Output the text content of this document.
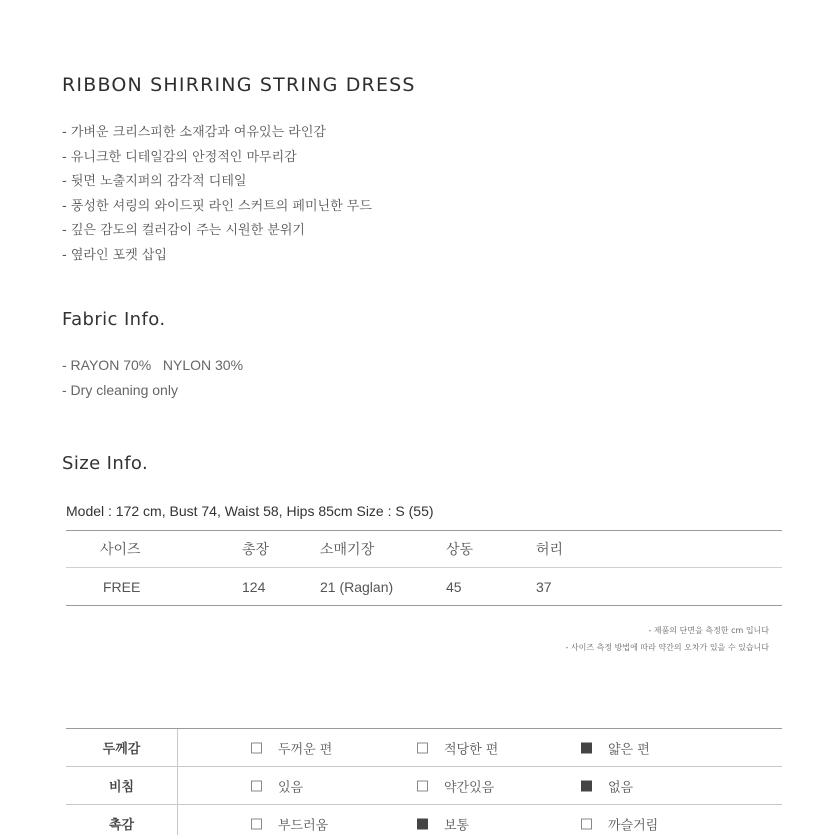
RIBBON SHIRRING STRING DRESS
- 가벼운 크리스피한 소재감과 여유있는 라인감
- 유니크한 디테일감의 안정적인 마무리감
- 뒷면 노출지퍼의 감각적 디테일
- 풍성한 셔링의 와이드핏 라인 스커트의 페미닌한 무드
- 깊은 감도의 컬러감이 주는 시원한 분위기
- 옆라인 포켓 삽입
Fabric Info.
- RAYON 70%   NYLON 30%
- Dry cleaning only
Size Info.
Model : 172 cm, Bust 74, Waist 58, Hips 85cm Size : S (55)
사이즈	총장	소매기장	상동	허리
FREE	124	21 (Raglan)	45	37
- 제품의 단면을 측정한 cm 입니다
- 사이즈 측정 방법에 따라 약간의 오차가 있을 수 있습니다
두께감	두꺼운 편	적당한 편	얇은 편
비침	있음	약간있음	없음
촉감	부드러움	보통	까슬거림
